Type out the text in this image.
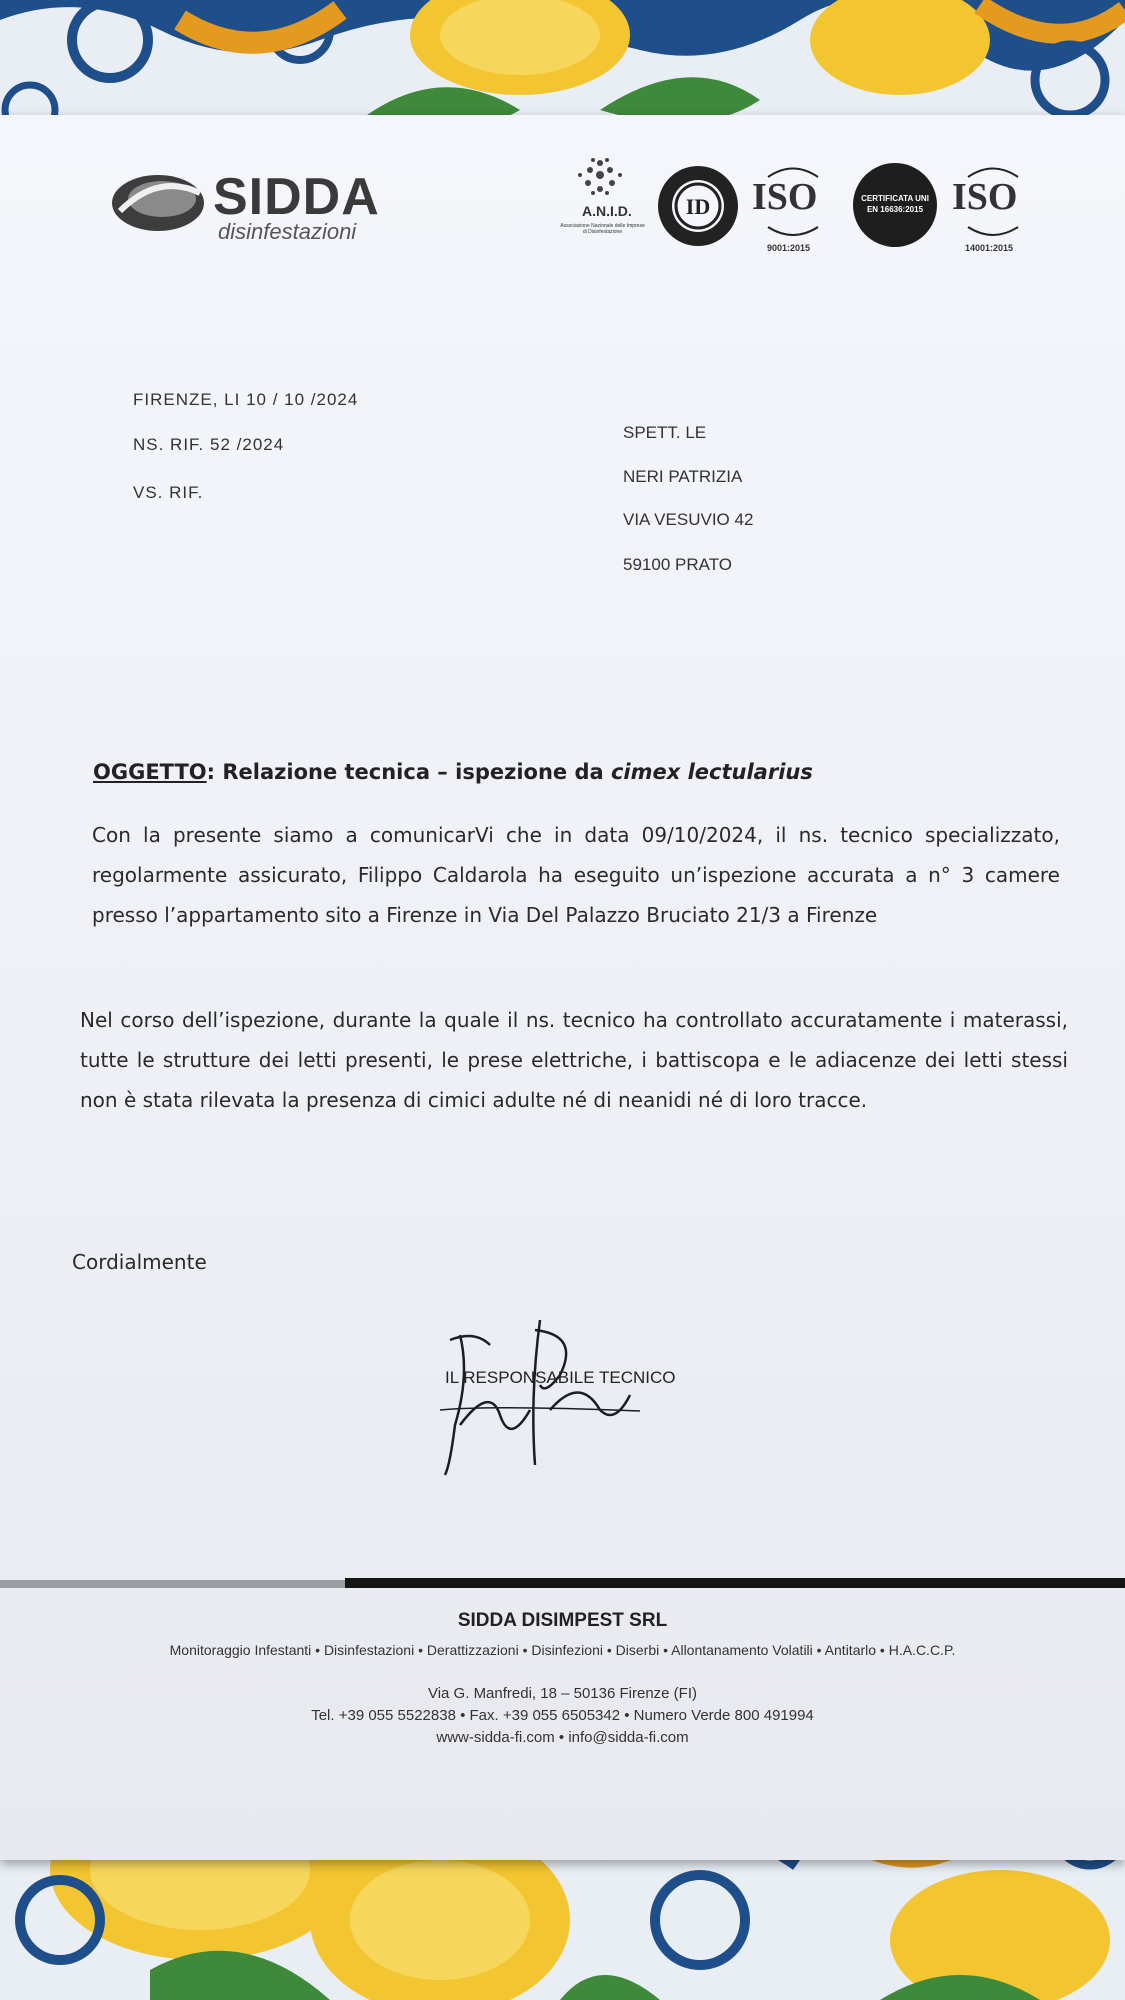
SIDDA
disinfestazioni
A.N.I.D.
Associazione Nazionale delle Imprese di Disinfestazione
ID ISO
9001:2015
CERTIFICATA UNI EN 16636:2015 ISO
14001:2015
FIRENZE, LI 10 / 10 /2024
NS. RIF. 52 /2024
VS. RIF.
SPETT. LE
NERI PATRIZIA
VIA VESUVIO 42
59100 PRATO
OGGETTO: Relazione tecnica – ispezione da cimex lectularius

Con la presente siamo a comunicarVi che in data 09/10/2024, il ns. tecnico specializzato, regolarmente assicurato, Filippo Caldarola ha eseguito un’ispezione accurata a n° 3 camere presso l’appartamento sito a Firenze in Via Del Palazzo Bruciato 21/3 a Firenze

Nel corso dell’ispezione, durante la quale il ns. tecnico ha controllato accuratamente i materassi, tutte le strutture dei letti presenti, le prese elettriche, i battiscopa e le adiacenze dei letti stessi non è stata rilevata la presenza di cimici adulte né di neanidi né di loro tracce.

Cordialmente
IL RESPONSABILE TECNICO
SIDDA DISIMPEST SRL
Monitoraggio Infestanti • Disinfestazioni • Derattizzazioni • Disinfezioni • Diserbi • Allontanamento Volatili • Antitarlo • H.A.C.C.P.
Via G. Manfredi, 18 – 50136 Firenze (FI)
Tel. +39 055 5522838 • Fax. +39 055 6505342 • Numero Verde 800 491994
www-sidda-fi.com • info@sidda-fi.com
